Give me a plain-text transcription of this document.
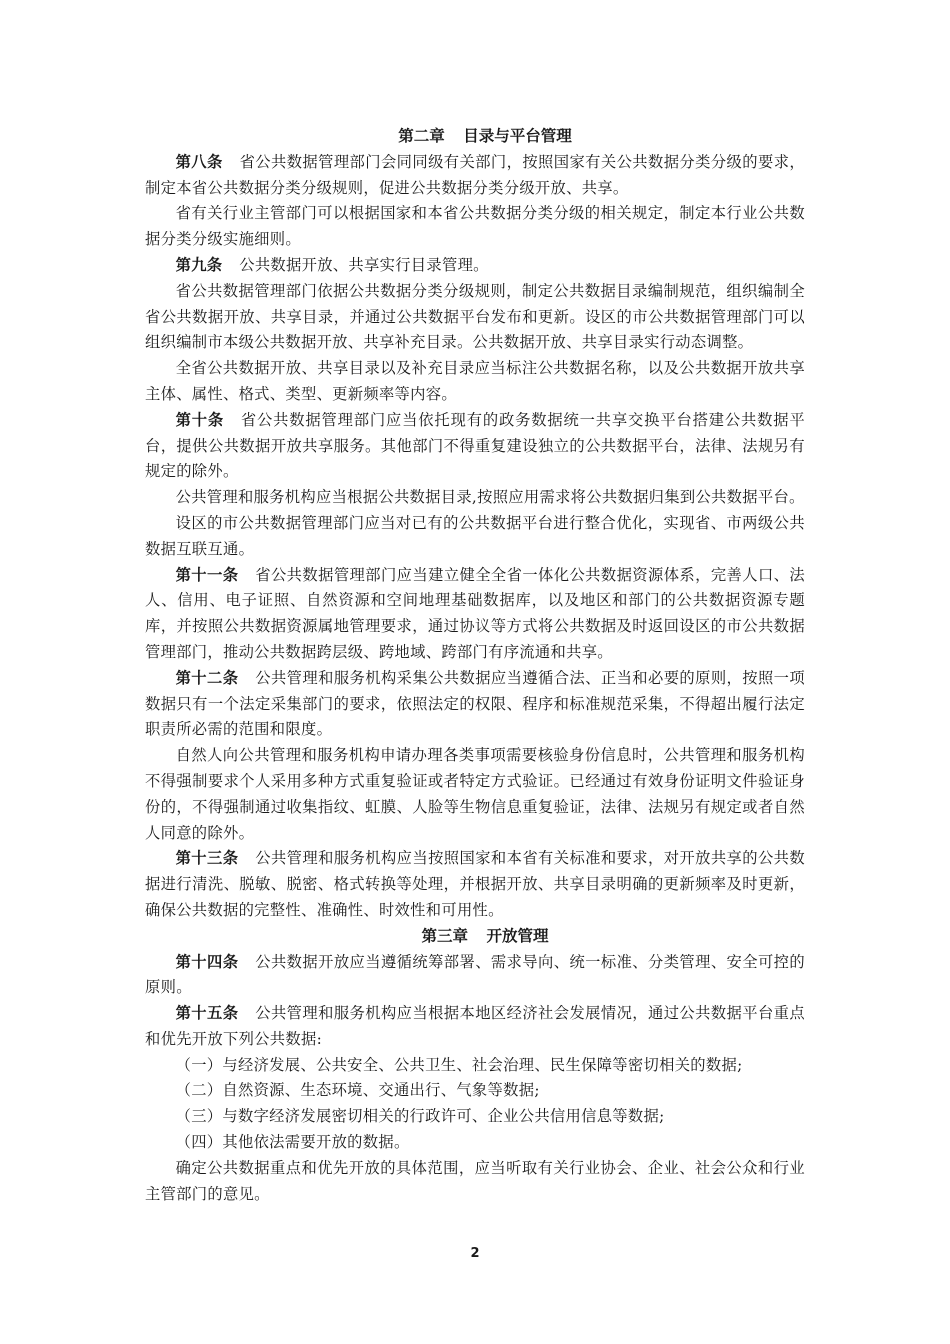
第二章 目录与平台管理

第八条 省公共数据管理部门会同同级有关部门，按照国家有关公共数据分类分级的要求，制定本省公共数据分类分级规则，促进公共数据分类分级开放、共享。

省有关行业主管部门可以根据国家和本省公共数据分类分级的相关规定，制定本行业公共数据分类分级实施细则。

第九条 公共数据开放、共享实行目录管理。

省公共数据管理部门依据公共数据分类分级规则，制定公共数据目录编制规范，组织编制全省公共数据开放、共享目录，并通过公共数据平台发布和更新。设区的市公共数据管理部门可以组织编制市本级公共数据开放、共享补充目录。公共数据开放、共享目录实行动态调整。

全省公共数据开放、共享目录以及补充目录应当标注公共数据名称，以及公共数据开放共享主体、属性、格式、类型、更新频率等内容。

第十条 省公共数据管理部门应当依托现有的政务数据统一共享交换平台搭建公共数据平台，提供公共数据开放共享服务。其他部门不得重复建设独立的公共数据平台，法律、法规另有规定的除外。

公共管理和服务机构应当根据公共数据目录,按照应用需求将公共数据归集到公共数据平台。

设区的市公共数据管理部门应当对已有的公共数据平台进行整合优化，实现省、市两级公共数据互联互通。

第十一条 省公共数据管理部门应当建立健全全省一体化公共数据资源体系，完善人口、法人、信用、电子证照、自然资源和空间地理基础数据库，以及地区和部门的公共数据资源专题库，并按照公共数据资源属地管理要求，通过协议等方式将公共数据及时返回设区的市公共数据管理部门，推动公共数据跨层级、跨地域、跨部门有序流通和共享。

第十二条 公共管理和服务机构采集公共数据应当遵循合法、正当和必要的原则，按照一项数据只有一个法定采集部门的要求，依照法定的权限、程序和标准规范采集，不得超出履行法定职责所必需的范围和限度。

自然人向公共管理和服务机构申请办理各类事项需要核验身份信息时，公共管理和服务机构不得强制要求个人采用多种方式重复验证或者特定方式验证。已经通过有效身份证明文件验证身份的，不得强制通过收集指纹、虹膜、人脸等生物信息重复验证，法律、法规另有规定或者自然人同意的除外。

第十三条 公共管理和服务机构应当按照国家和本省有关标准和要求，对开放共享的公共数据进行清洗、脱敏、脱密、格式转换等处理，并根据开放、共享目录明确的更新频率及时更新，确保公共数据的完整性、准确性、时效性和可用性。

第三章 开放管理

第十四条 公共数据开放应当遵循统筹部署、需求导向、统一标准、分类管理、安全可控的原则。

第十五条 公共管理和服务机构应当根据本地区经济社会发展情况，通过公共数据平台重点和优先开放下列公共数据:

（一）与经济发展、公共安全、公共卫生、社会治理、民生保障等密切相关的数据;

（二）自然资源、生态环境、交通出行、气象等数据;

（三）与数字经济发展密切相关的行政许可、企业公共信用信息等数据;

（四）其他依法需要开放的数据。

确定公共数据重点和优先开放的具体范围，应当听取有关行业协会、企业、社会公众和行业主管部门的意见。

2
